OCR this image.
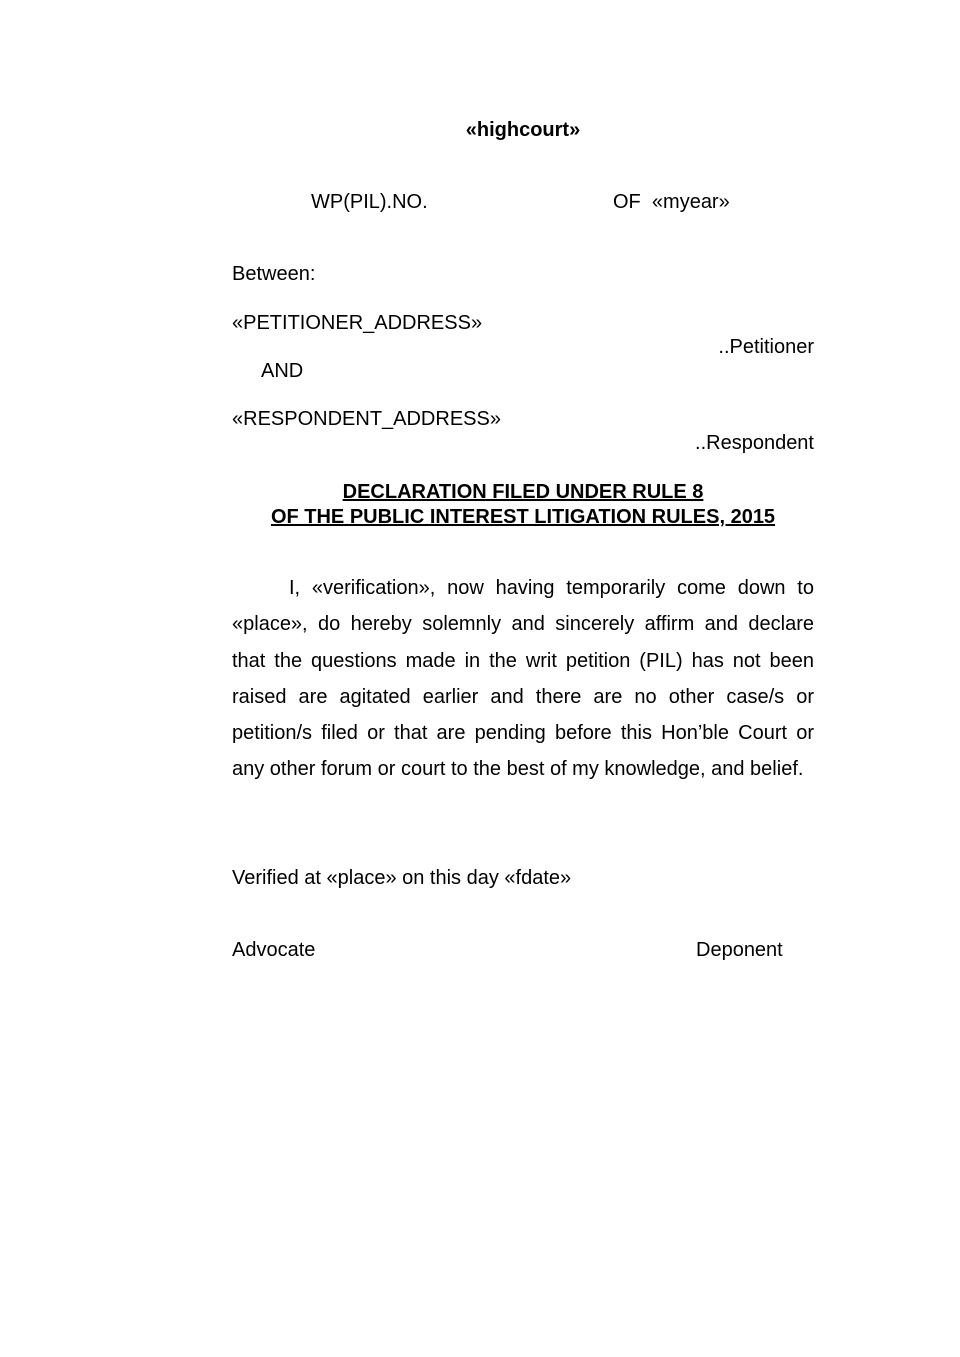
«highcourt»
WP(PIL).NO.	OF «myear»
Between:
«PETITIONER_ADDRESS»
..Petitioner
AND
«RESPONDENT_ADDRESS»
..Respondent
DECLARATION FILED UNDER RULE 8
OF THE PUBLIC INTEREST LITIGATION RULES, 2015

I, «verification», now having temporarily come down to «place», do hereby solemnly and sincerely affirm and declare that the questions made in the writ petition (PIL) has not been raised are agitated earlier and there are no other case/s or petition/s filed or that are pending before this Hon’ble Court or any other forum or court to the best of my knowledge, and belief.

Verified at «place» on this day «fdate»
Advocate	Deponent
